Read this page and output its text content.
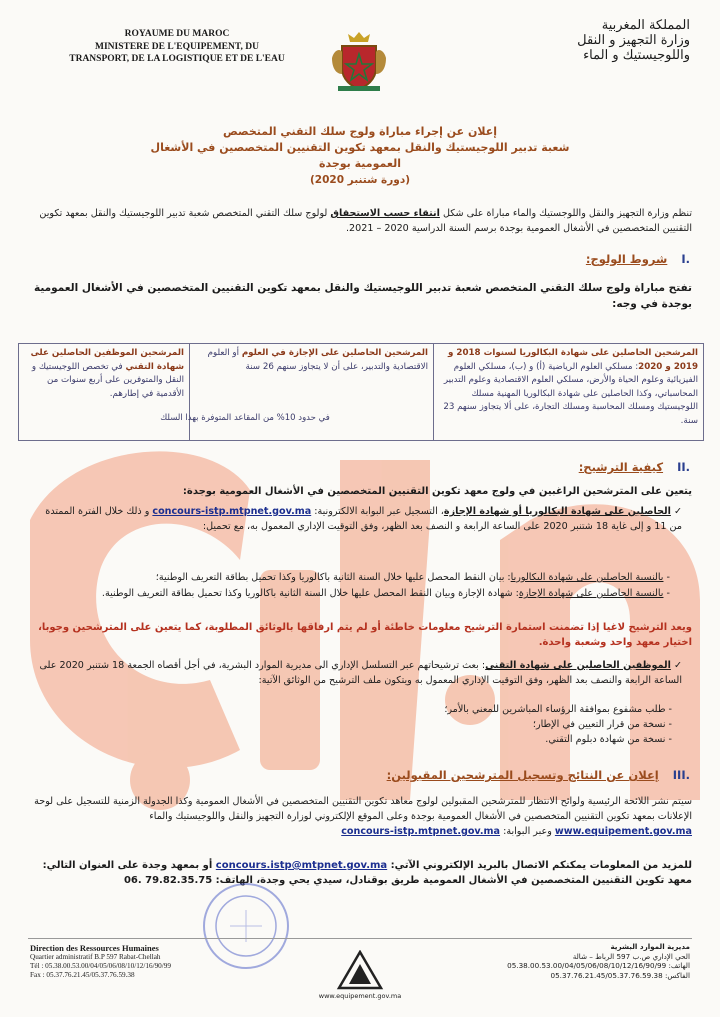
ROYAUME DU MAROC
MINISTERE DE L'EQUIPEMENT, DU
TRANSPORT, DE LA LOGISTIQUE ET DE L'EAU
المملكة المغربية
وزارة التجهيز و النقل
واللوجيستيك و الماء
إعلان عن إجراء مباراة ولوج سلك التقني المتخصص
شعبة تدبير اللوجيستيك والنقل بمعهد تكوين التقنيين المتخصصين في الأشغال العمومية بوجدة
(دورة شتنبر 2020)
تنظم وزارة التجهيز والنقل واللوجستيك والماء مباراة على شكل انتقاء حسب الاستحقاق لولوج سلك التقني المتخصص شعبة تدبير اللوجيستيك والنقل بمعهد تكوين التقنيين المتخصصين في الأشغال العمومية بوجدة برسم السنة الدراسية 2020 – 2021.
.I شروط الولوج:
تفتح مباراة ولوج سلك التقني المتخصص شعبة تدبير اللوجيستيك والنقل بمعهد تكوين التقنيين المتخصصين في الأشغال العمومية بوجدة في وجه:
المرشحين الحاصلين على شهادة البكالوريا لسنوات 2018 و 2019 و 2020: مسلكي العلوم الرياضية (أ) و (ب)، مسلكي العلوم الفيزيائية وعلوم الحياة والأرض، مسلكي العلوم الاقتصادية وعلوم التدبير المحاسباتي، وكذا الحاصلين على شهادة البكالوريا المهنية مسلك اللوجيستيك ومسلك المحاسبة ومسلك التجارة، على ألا يتجاوز سنهم 23 سنة.
المرشحين الحاصلين على الإجازة في العلوم أو العلوم الاقتصادية والتدبير، على أن لا يتجاوز سنهم 26 سنة
المرشحين الموظفين الحاصلين على شهادة التقني في تخصص اللوجيستيك و النقل والمتوفرين على أربع سنوات من الأقدمية في إطارهم.
في حدود 10% من المقاعد المتوفرة بهذا السلك
.II كيفية الترشيح:
يتعين على المترشحين الراغبين في ولوج معهد تكوين التقنيين المتخصصين في الأشغال العمومية بوجدة:
✓ الحاصلين على شهادة البكالوريا أو شهادة الإجازة، التسجيل عبر البوابة الالكترونية: concours-istp.mtpnet.gov.ma و ذلك خلال الفترة الممتدة من 11 و إلى غاية 18 شتنبر 2020 على الساعة الرابعة و النصف بعد الظهر، وفق التوقيت الإداري المعمول به، مع تحميل:
- بالنسبة الحاصلين على شهادة البكالوريا: بيان النقط المحصل عليها خلال السنة الثانية باكالوريا وكذا تحميل بطاقة التعريف الوطنية؛
- بالنسبة الحاصلين على شهادة الإجازة: شهادة الإجازة وبيان النقط المحصل عليها خلال السنة الثانية باكالوريا وكذا تحميل بطاقة التعريف الوطنية.
ويعد الترشيح لاغيا إذا تضمنت استمارة الترشيح معلومات خاطئة أو لم يتم ارفاقها بالوثائق المطلوبة، كما يتعين على المترشحين وجوبا، اختيار معهد واحد وشعبة واحدة.
✓ الموظفين الحاصلين على شهادة التقني: بعث ترشيحاتهم عبر التسلسل الإداري الى مديرية الموارد البشرية، في أجل أقصاه الجمعة 18 شتنبر 2020 على الساعة الرابعة والنصف بعد الظهر، وفق التوقيت الإداري المعمول به ويتكون ملف الترشيح من الوثائق الآتية:
- طلب مشفوع بموافقة الرؤساء المباشرين للمعني بالأمر؛
- نسخة من قرار التعيين في الإطار؛
- نسخة من شهادة دبلوم التقني.
.III إعلان عن النتائج وتسجيل المترشحين المقبولين:
سيتم نشر اللائحة الرئيسية ولوائح الانتظار للمترشحين المقبولين لولوج معاهد تكوين التقنيين المتخصصين في الأشغال العمومية وكذا الجدولة الزمنية للتسجيل على لوحة الإعلانات بمعهد تكوين التقنيين المتخصصين في الأشغال العمومية بوجدة وعلى الموقع الإلكتروني لوزارة التجهيز والنقل واللوجيستيك والماء www.equipement.gov.ma وعبر البوابة: concours-istp.mtpnet.gov.ma
للمزيد من المعلومات يمكنكم الاتصال بالبريد الإلكتروني الآتي: concours.istp@mtpnet.gov.ma أو بمعهد وجدة على العنوان التالي: معهد تكوين التقنيين المتخصصين في الأشغال العمومية طريق بوقنادل، سيدي يحي وجدة، الهاتف: 79.82.35.75 .06
Direction des Ressources Humaines
Quartier administratif B.P 597 Rabat-Chellah
Tél : 05.38.00.53.00/04/05/06/08/10/12/16/90/99
Fax : 05.37.76.21.45/05.37.76.59.38
www.equipement.gov.ma
مديرية الموارد البشرية
الحي الإداري ص.ب 597 الرباط – شالة
الهاتف: 05.38.00.53.00/04/05/06/08/10/12/16/90/99
الفاكس: 05.37.76.21.45/05.37.76.59.38
